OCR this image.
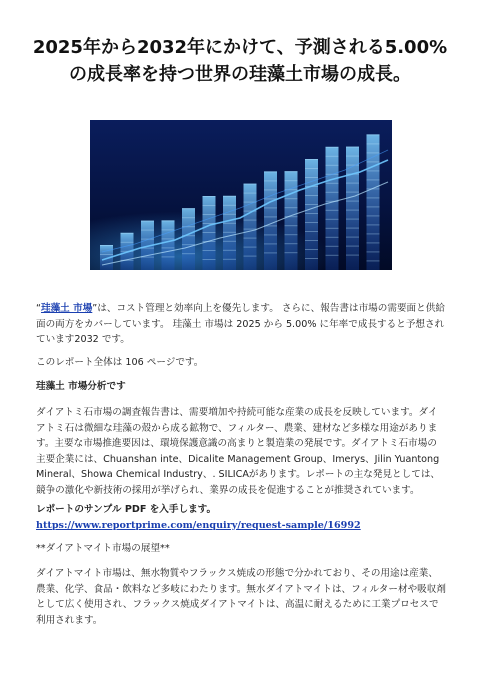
2025年から2032年にかけて、予測される5.00%
の成長率を持つ世界の珪藻土市場の成長。
“珪藻土 市場”は、コスト管理と効率向上を優先します。 さらに、報告書は市場の需要面と供給面の両方をカバーしています。 珪藻土 市場は 2025 から 5.00% に年率で成長すると予想されています2032 です。
このレポート全体は 106 ページです。
珪藻土 市場分析です
ダイアトミ石市場の調査報告書は、需要増加や持続可能な産業の成長を反映しています。ダイアトミ石は微細な珪藻の殻から成る鉱物で、フィルター、農業、建材など多様な用途があります。主要な市場推進要因は、環境保護意識の高まりと製造業の発展です。ダイアトミ石市場の主要企業には、Chuanshan inte、Dicalite Management Group、Imerys、Jilin Yuantong Mineral、Showa Chemical Industry、. SILICAがあります。レポートの主な発見としては、競争の激化や新技術の採用が挙げられ、業界の成長を促進することが推奨されています。
レポートのサンプル PDF を入手します。 https://www.reportprime.com/enquiry/request-sample/16992
**ダイアトマイト市場の展望**
ダイアトマイト市場は、無水物質やフラックス焼成の形態で分かれており、その用途は産業、農業、化学、食品・飲料など多岐にわたります。無水ダイアトマイトは、フィルター材や吸収剤として広く使用され、フラックス焼成ダイアトマイトは、高温に耐えるために工業プロセスで利用されます。
